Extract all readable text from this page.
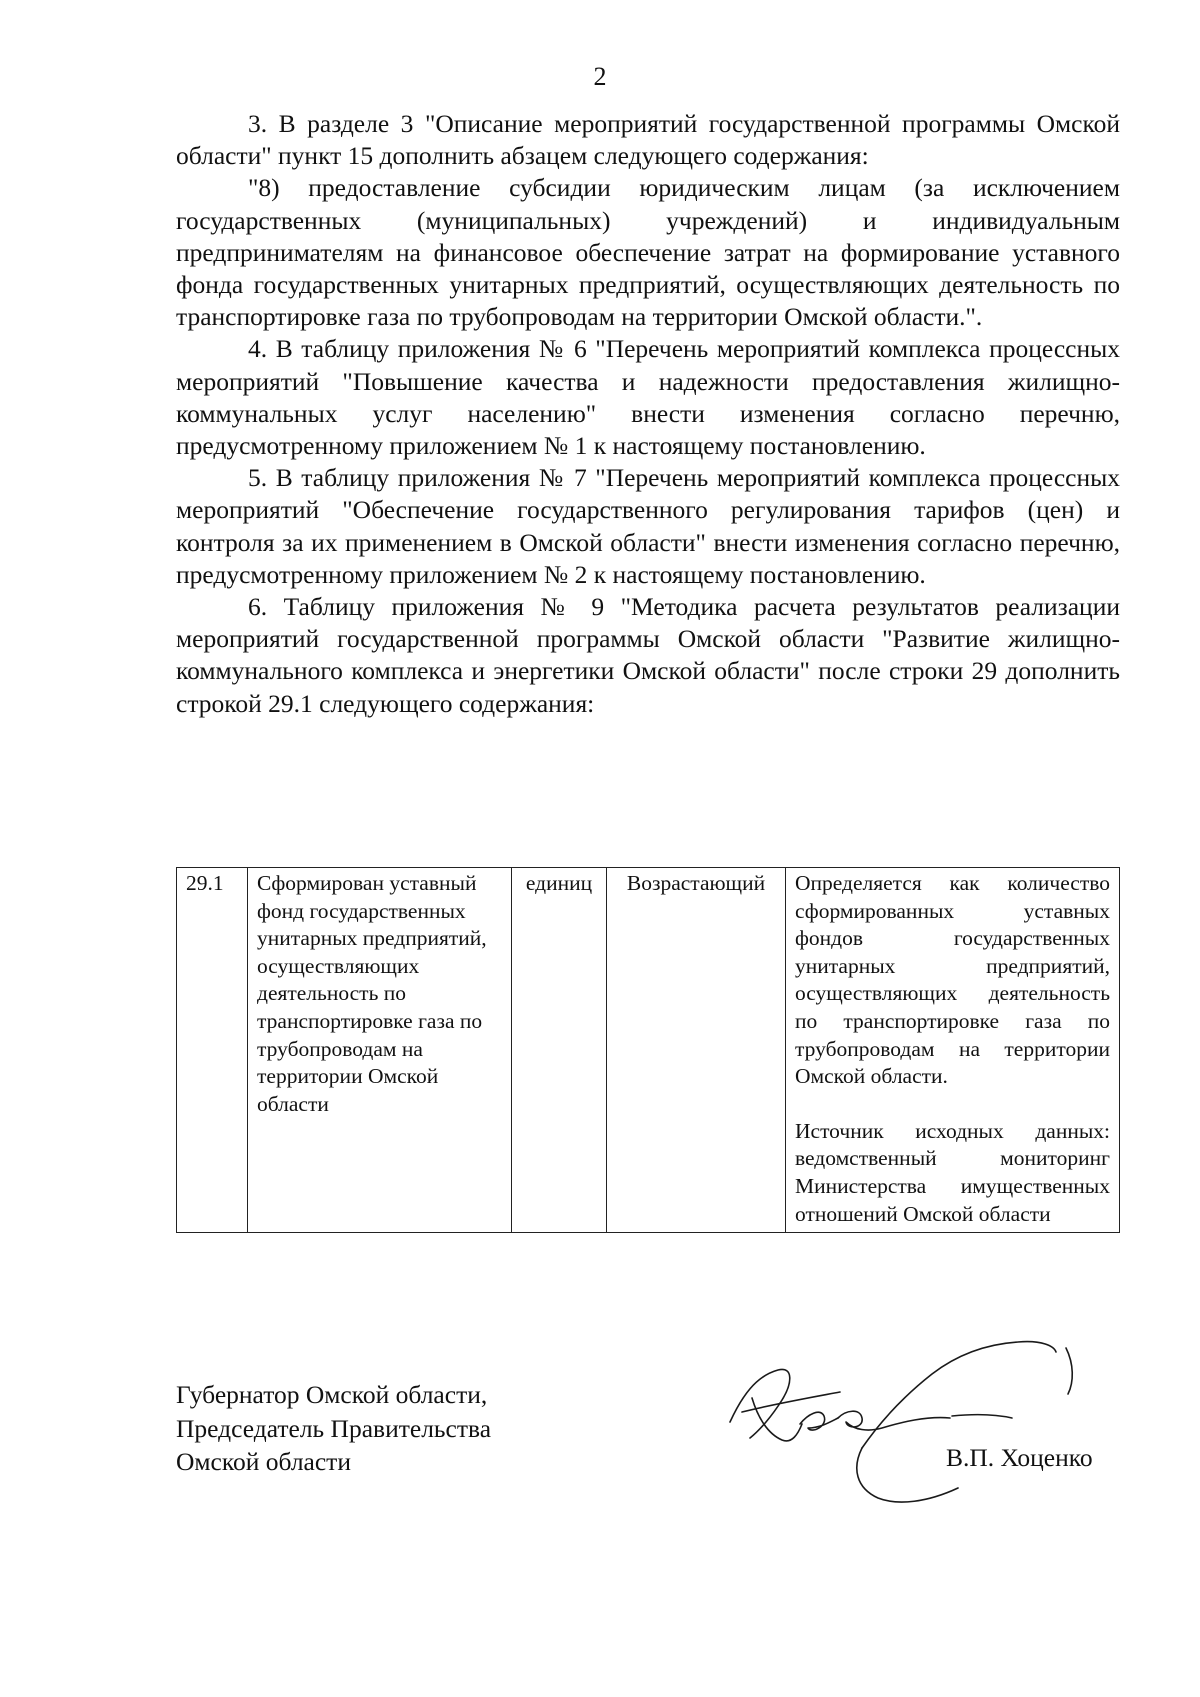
2

3. В разделе 3 "Описание мероприятий государственной программы Омской области" пункт 15 дополнить абзацем следующего содержания:

"8) предоставление субсидии юридическим лицам (за исключением государственных (муниципальных) учреждений) и индивидуальным предпринимателям на финансовое обеспечение затрат на формирование уставного фонда государственных унитарных предприятий, осуществляющих деятельность по транспортировке газа по трубопроводам на территории Омской области.".

4. В таблицу приложения № 6 "Перечень мероприятий комплекса процессных мероприятий "Повышение качества и надежности предоставления жилищно-коммунальных услуг населению" внести изменения согласно перечню, предусмотренному приложением № 1 к настоящему постановлению.

5. В таблицу приложения № 7 "Перечень мероприятий комплекса процессных мероприятий "Обеспечение государственного регулирования тарифов (цен) и контроля за их применением в Омской области" внести изменения согласно перечню, предусмотренному приложением № 2 к настоящему постановлению.

6. Таблицу приложения № 9 "Методика расчета результатов реализации мероприятий государственной программы Омской области "Развитие жилищно-коммунального комплекса и энергетики Омской области" после строки 29 дополнить строкой 29.1 следующего содержания:

29.1	Сформирован уставный фонд государственных унитарных предприятий, осуществляющих деятельность по транспортировке газа по трубопроводам на территории Омской области	единиц	Возрастающий	Определяется как количество сформированных уставных фондов государственных унитарных предприятий, осуществляющих деятельность по транспортировке газа по трубопроводам на территории Омской области.

Источник исходных данных: ведомственный мониторинг Министерства имущественных отношений Омской области

Губернатор Омской области,
Председатель Правительства
Омской области	В.П. Хоценко
